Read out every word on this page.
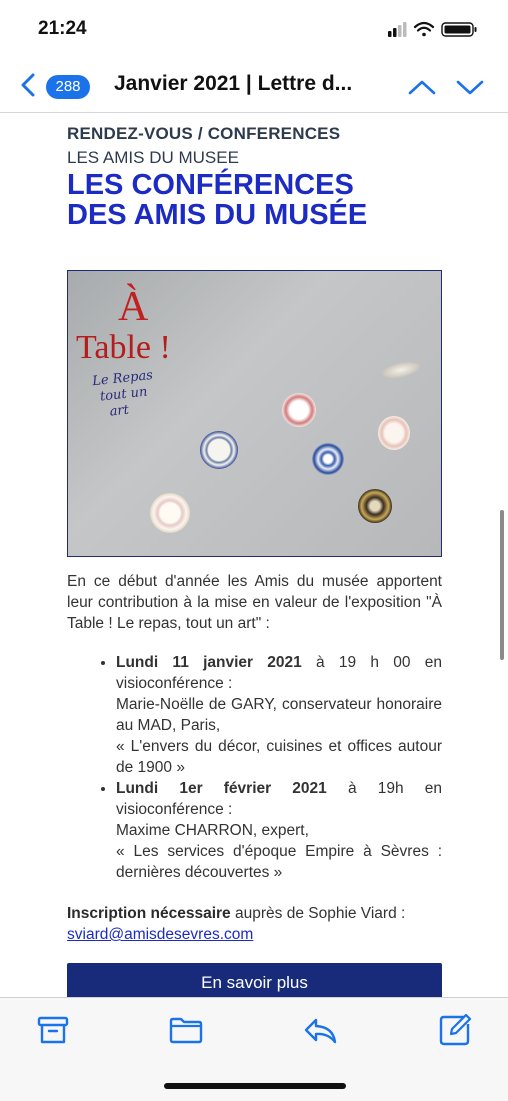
21:24
288	Janvier 2021 | Lettre d...
RENDEZ-VOUS / CONFERENCES
LES AMIS DU MUSEE
LES CONFÉRENCES
DES AMIS DU MUSÉE
À
Table !
Le Repas
tout un
art
En ce début d'année les Amis du musée apportent leur contribution à la mise en valeur de l'exposition "À Table ! Le repas, tout un art" :
• Lundi 11 janvier 2021 à 19 h 00 en visioconférence :
Marie-Noëlle de GARY, conservateur honoraire au MAD, Paris,
« L'envers du décor, cuisines et offices autour de 1900 »
• Lundi 1er février 2021 à 19h en visioconférence :
Maxime CHARRON, expert,
« Les services d'époque Empire à Sèvres : dernières découvertes »
Inscription nécessaire auprès de Sophie Viard :
sviard@amisdesevres.com
En savoir plus
